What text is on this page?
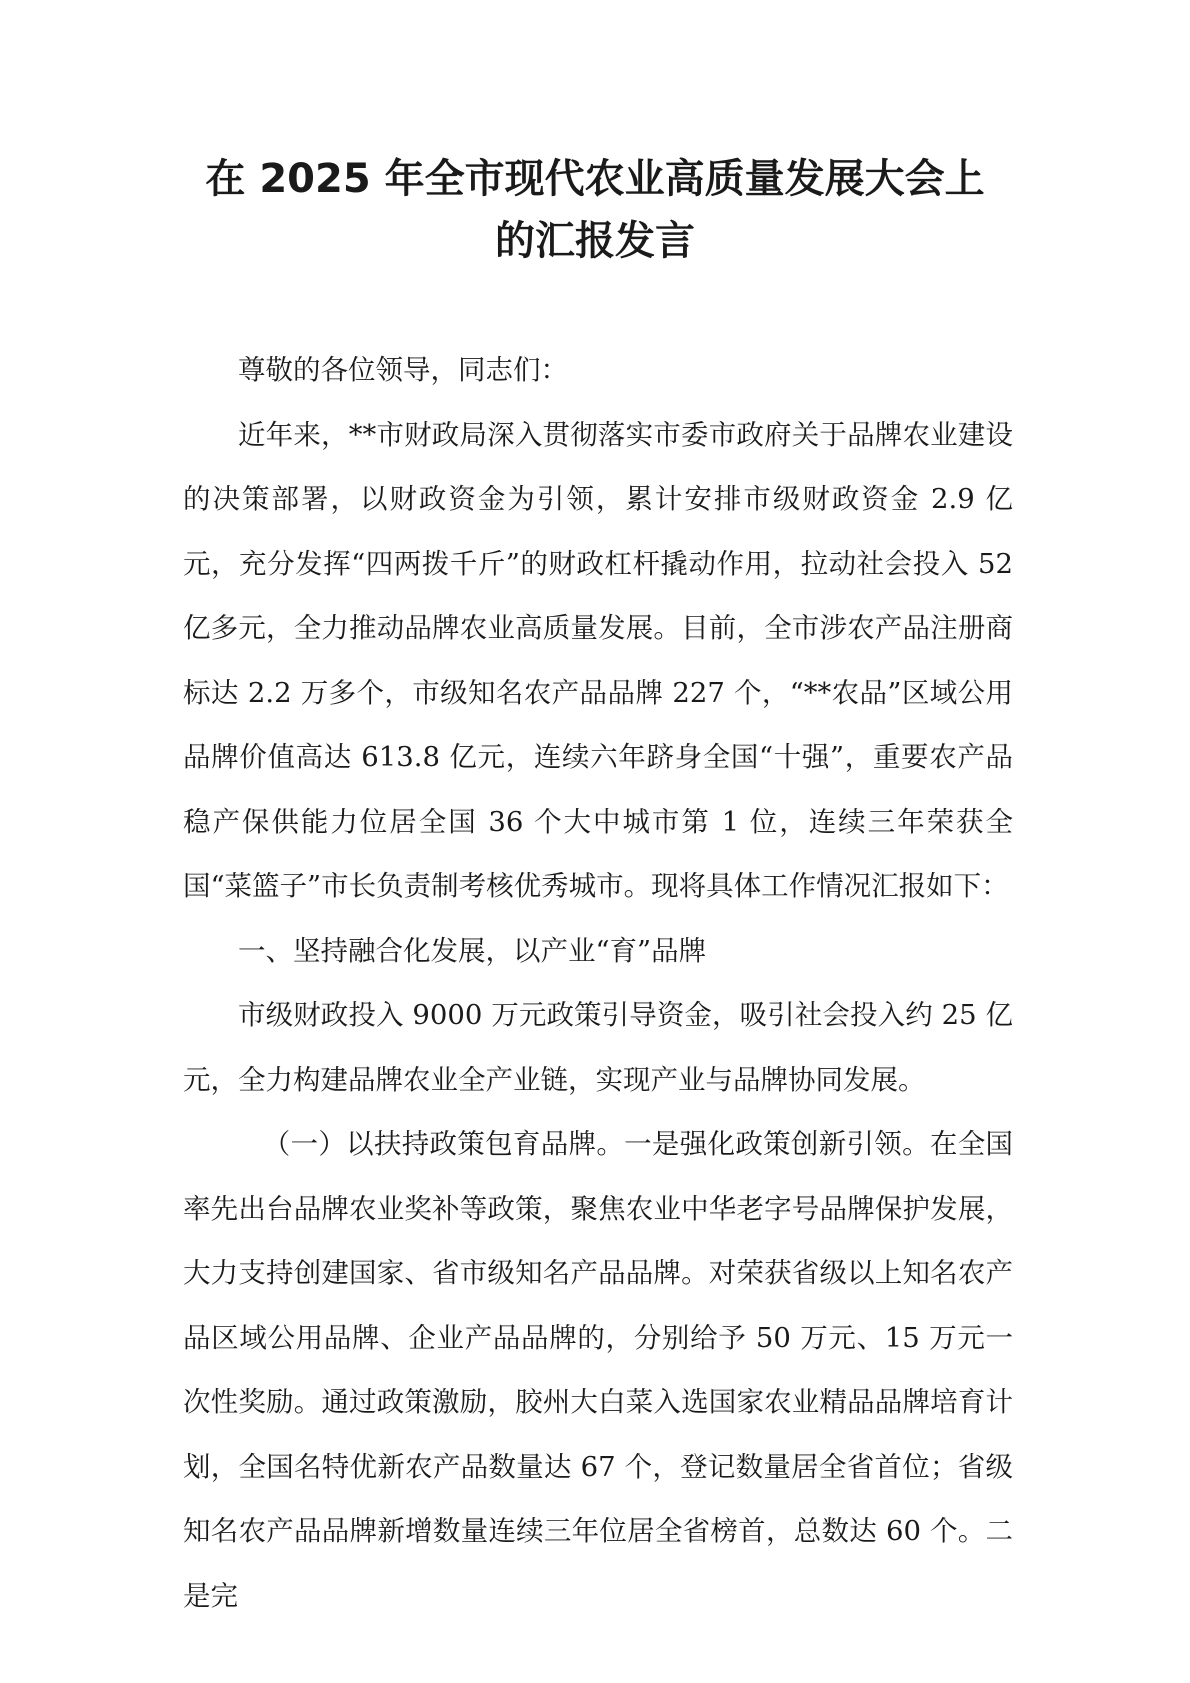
在 2025 年全市现代农业高质量发展大会上
的汇报发言

尊敬的各位领导，同志们：

近年来，**市财政局深入贯彻落实市委市政府关于品牌农业建设的决策部署，以财政资金为引领，累计安排市级财政资金 2.9 亿元，充分发挥“四两拨千斤”的财政杠杆撬动作用，拉动社会投入 52 亿多元，全力推动品牌农业高质量发展。目前，全市涉农产品注册商标达 2.2 万多个，市级知名农产品品牌 227 个，“**农品”区域公用品牌价值高达 613.8 亿元，连续六年跻身全国“十强”，重要农产品稳产保供能力位居全国 36 个大中城市第 1 位，连续三年荣获全国“菜篮子”市长负责制考核优秀城市。现将具体工作情况汇报如下：

一、坚持融合化发展，以产业“育”品牌

市级财政投入 9000 万元政策引导资金，吸引社会投入约 25 亿元，全力构建品牌农业全产业链，实现产业与品牌协同发展。

（一）以扶持政策包育品牌。一是强化政策创新引领。在全国率先出台品牌农业奖补等政策，聚焦农业中华老字号品牌保护发展，大力支持创建国家、省市级知名产品品牌。对荣获省级以上知名农产品区域公用品牌、企业产品品牌的，分别给予 50 万元、15 万元一次性奖励。通过政策激励，胶州大白菜入选国家农业精品品牌培育计划，全国名特优新农产品数量达 67 个，登记数量居全省首位；省级知名农产品品牌新增数量连续三年位居全省榜首，总数达 60 个。二是完
